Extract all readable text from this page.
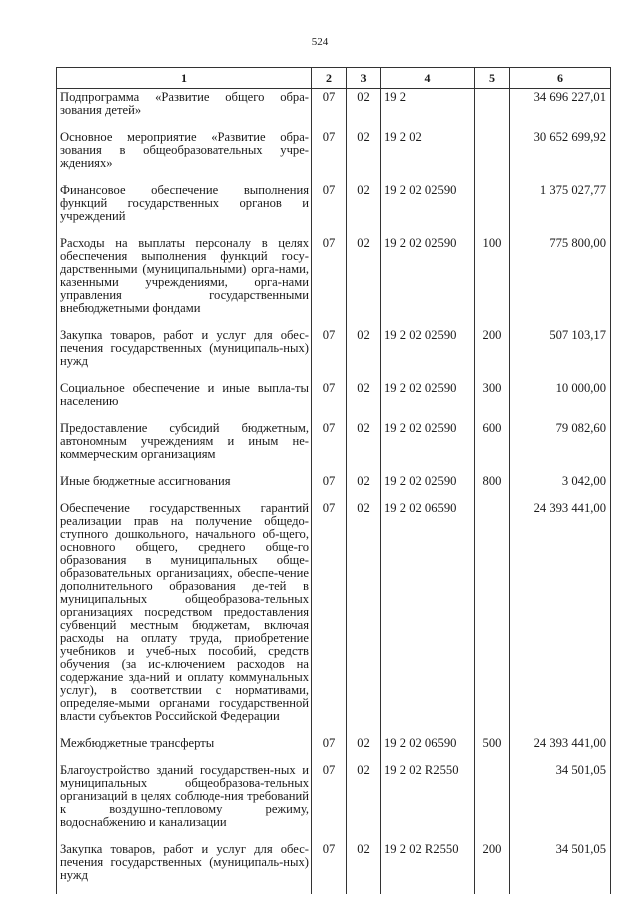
524
1	2	3	4	5	6
Подпрограмма «Развитие общего обра-зования детей»	07	02	19 2		34 696 227,01
Основное мероприятие «Развитие обра-зования в общеобразовательных учре-ждениях»	07	02	19 2 02		30 652 699,92
Финансовое обеспечение выполнения функций государственных органов и учреждений	07	02	19 2 02 02590		1 375 027,77
Расходы на выплаты персоналу в целях обеспечения выполнения функций госу-дарственными (муниципальными) орга-нами, казенными учреждениями, орга-нами управления государственными внебюджетными фондами	07	02	19 2 02 02590	100	775 800,00
Закупка товаров, работ и услуг для обес-печения государственных (муниципаль-ных) нужд	07	02	19 2 02 02590	200	507 103,17
Социальное обеспечение и иные выпла-ты населению	07	02	19 2 02 02590	300	10 000,00
Предоставление субсидий бюджетным, автономным учреждениям и иным не-коммерческим организациям	07	02	19 2 02 02590	600	79 082,60
Иные бюджетные ассигнования	07	02	19 2 02 02590	800	3 042,00
Обеспечение государственных гарантий реализации прав на получение общедо-ступного дошкольного, начального об-щего, основного общего, среднего обще-го образования в муниципальных обще-образовательных организациях, обеспе-чение дополнительного образования де-тей в муниципальных общеобразова-тельных организациях посредством предоставления субвенций местным бюджетам, включая расходы на оплату труда, приобретение учебников и учеб-ных пособий, средств обучения (за ис-ключением расходов на содержание зда-ний и оплату коммунальных услуг), в соответствии с нормативами, определяе-мыми органами государственной власти субъектов Российской Федерации	07	02	19 2 02 06590		24 393 441,00
Межбюджетные трансферты	07	02	19 2 02 06590	500	24 393 441,00
Благоустройство зданий государствен-ных и муниципальных общеобразова-тельных организаций в целях соблюде-ния требований к воздушно-тепловому режиму, водоснабжению и канализации	07	02	19 2 02 R2550		34 501,05
Закупка товаров, работ и услуг для обес-печения государственных (муниципаль-ных) нужд	07	02	19 2 02 R2550	200	34 501,05
